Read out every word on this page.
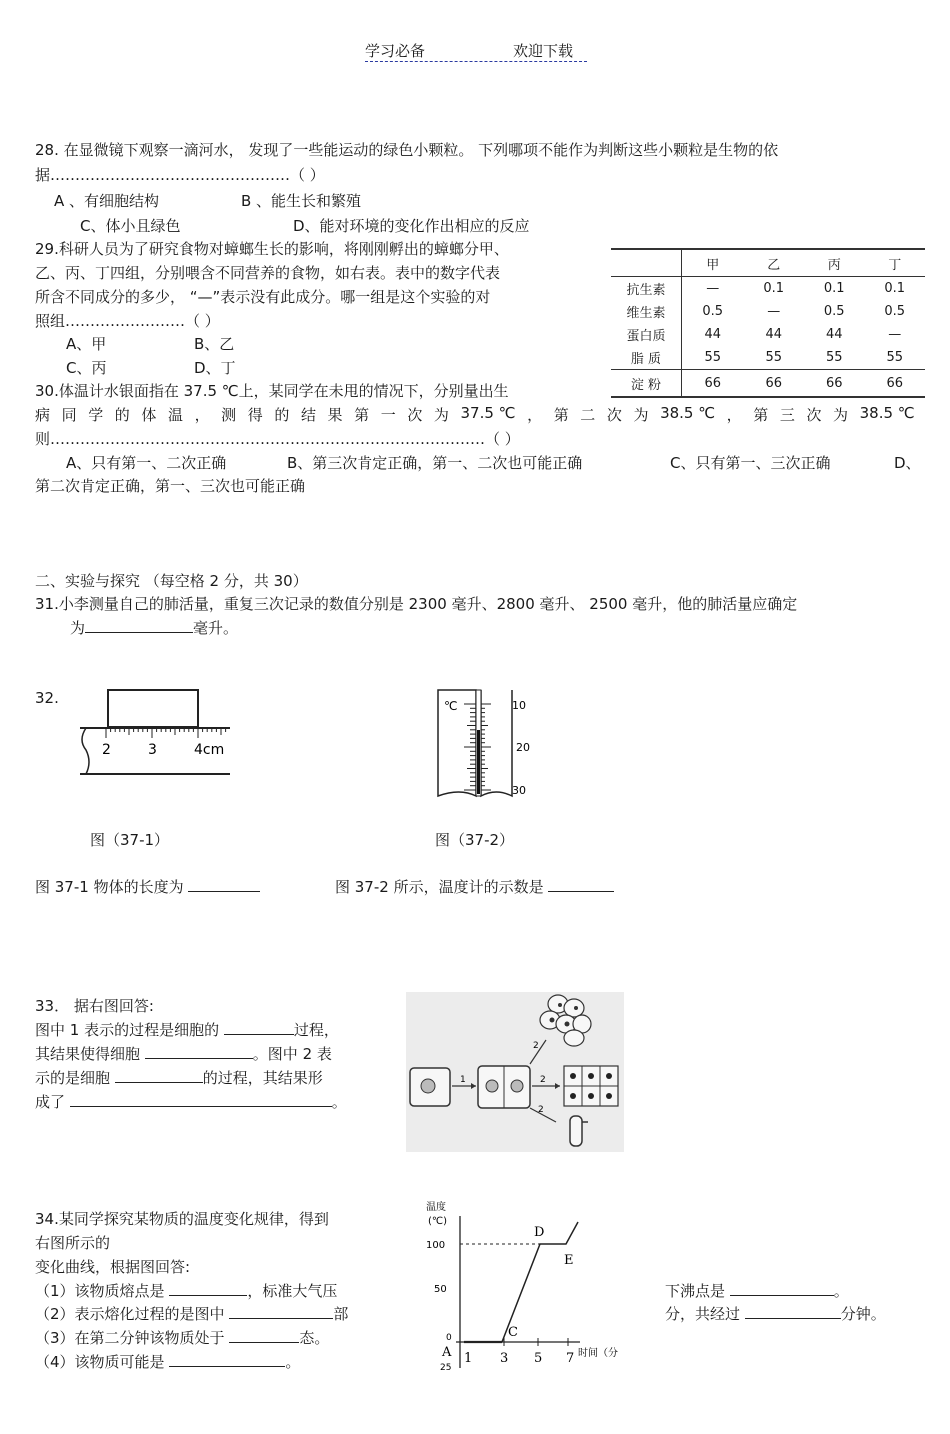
学习必备	欢迎下载
28. 在显微镜下观察一滴河水， 发现了一些能运动的绿色小颗粒。 下列哪项不能作为判断这些小颗粒是生物的依
据…………………………………………（ ）
A 、有细胞结构	B 、能生长和繁殖
C、体小且绿色	D、能对环境的变化作出相应的反应
29.科研人员为了研究食物对蟑螂生长的影响，将刚刚孵出的蟑螂分甲、
乙、丙、丁四组，分别喂含不同营养的食物，如右表。表中的数字代表
所含不同成分的多少， “—”表示没有此成分。哪一组是这个实验的对
照组……………………（ ）
A、甲	B、乙
C、丙	D、丁
	甲	乙	丙	丁
抗生素	—	0.1	0.1	0.1
维生素	0.5	—	0.5	0.5
蛋白质	44	44	44	—
脂 质	55	55	55	55
淀 粉	66	66	66	66
30.体温计水银面指在 37.5 ℃上，某同学在未甩的情况下，分别量出生
病 同 学 的 体 温 ， 测 得 的 结 果 第 一 次 为 37.5 ℃ ， 第 二 次 为 38.5 ℃ ， 第 三 次 为 38.5 ℃
则……………………………………………………………………………（ ）
A、只有第一、二次正确	B、第三次肯定正确，第一、二次也可能正确	C、只有第一、三次正确	D、
第二次肯定正确，第一、三次也可能正确
二、实验与探究 （每空格 2 分，共 30）
31.小李测量自己的肺活量，重复三次记录的数值分别是 2300 毫升、2800 毫升、 2500 毫升，他的肺活量应确定
为	毫升。
32.
2	3	4cm
℃	10
20
30
图（37-1）	图（37-2）
图 37-1 物体的长度为	图 37-2 所示，温度计的示数是
33． 据右图回答:
图中 1 表示的过程是细胞的	过程，
其结果使得细胞	。图中 2 表
示的是细胞	的过程，其结果形
成了	。
1
2
2
2
34.某同学探究某物质的温度变化规律，得到
右图所示的
变化曲线，根据图回答:
（1）该物质熔点是	，标准大气压	下沸点是	。
（2）表示熔化过程的是图中	部	分，共经过	分钟。
（3）在第二分钟该物质处于	态。
（4）该物质可能是	。
温度
(℃)
100
50
0
25
D
E
C
A 1 3 5 7 时间（分
